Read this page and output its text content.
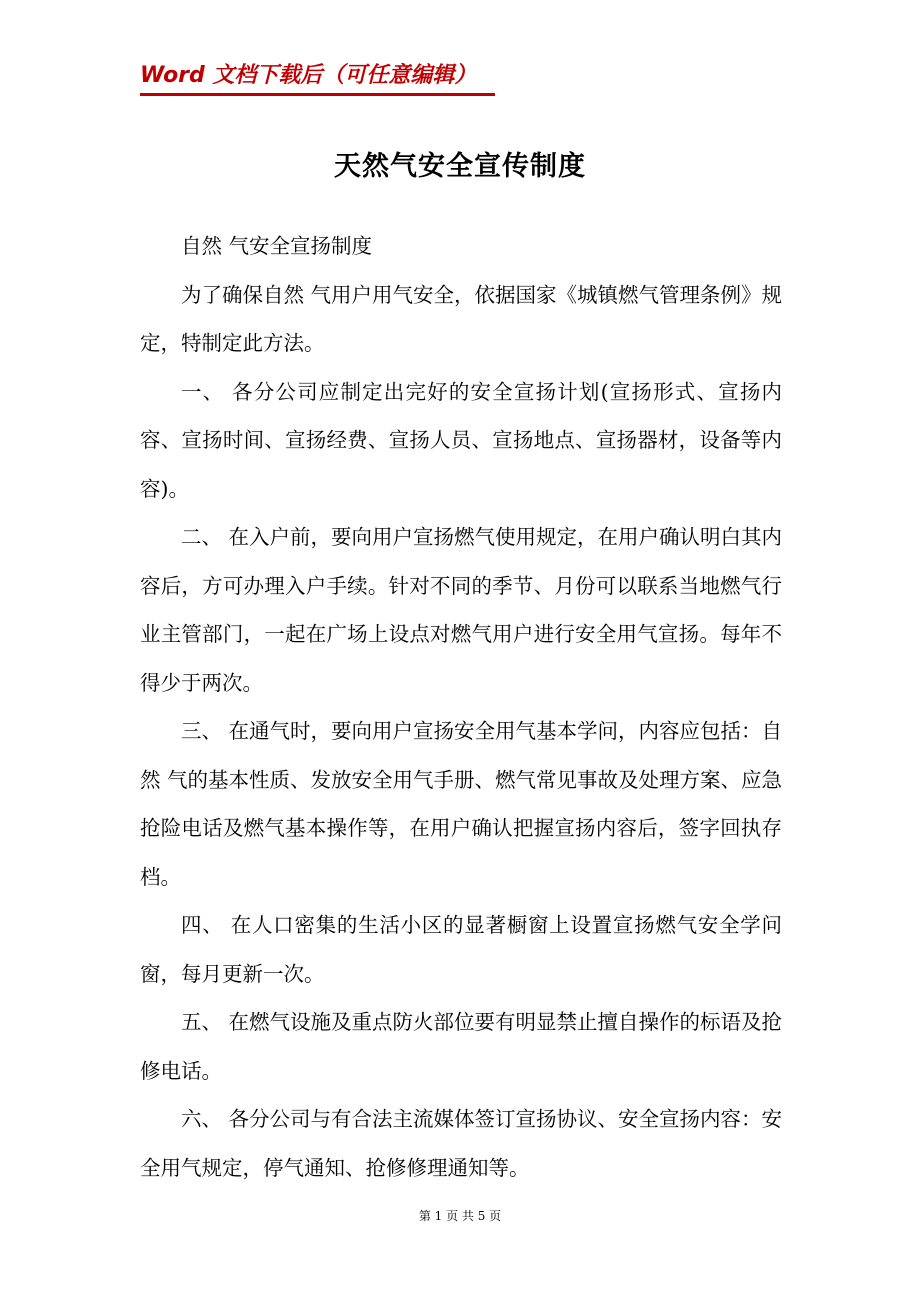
Word 文档下载后（可任意编辑）
天然气安全宣传制度

自然 气安全宣扬制度

为了确保自然 气用户用气安全，依据国家《城镇燃气管理条例》规定，特制定此方法。

一、 各分公司应制定出完好的安全宣扬计划(宣扬形式、宣扬内容、宣扬时间、宣扬经费、宣扬人员、宣扬地点、宣扬器材，设备等内容)。

二、 在入户前，要向用户宣扬燃气使用规定，在用户确认明白其内容后，方可办理入户手续。针对不同的季节、月份可以联系当地燃气行业主管部门，一起在广场上设点对燃气用户进行安全用气宣扬。每年不得少于两次。

三、 在通气时，要向用户宣扬安全用气基本学问，内容应包括：自然 气的基本性质、发放安全用气手册、燃气常见事故及处理方案、应急抢险电话及燃气基本操作等，在用户确认把握宣扬内容后，签字回执存档。

四、 在人口密集的生活小区的显著橱窗上设置宣扬燃气安全学问窗，每月更新一次。

五、 在燃气设施及重点防火部位要有明显禁止擅自操作的标语及抢修电话。

六、 各分公司与有合法主流媒体签订宣扬协议、安全宣扬内容：安全用气规定，停气通知、抢修修理通知等。

第 1 页 共 5 页
